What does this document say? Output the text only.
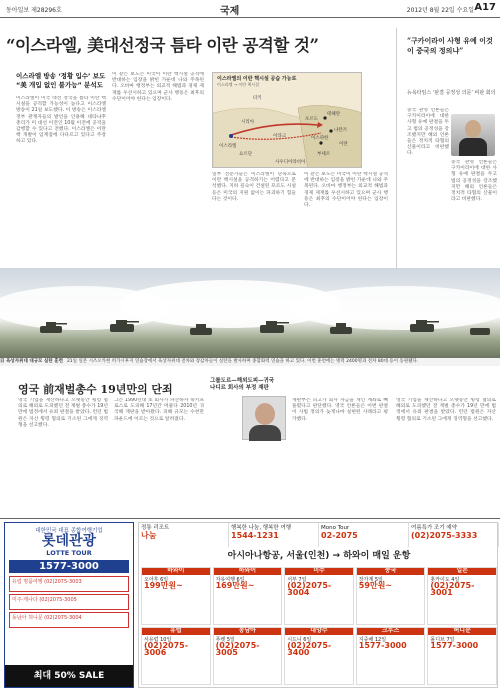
동아일보 제28296호	국제	2012년 8월 22일 수요일 A17
“이스라엘, 美대선정국 틈타 이란 공격할 것”
이스라엘 방송 ‘정황 입수’ 보도
“美 개입 없인 불가능” 분석도
이스라엘이 미국 대선 정국을 틈타 이란 핵시설을 공격할 가능성이 높다고 이스라엘 방송이 21일 보도했다. 이 방송은 이스라엘 정부 관계자들의 발언을 인용해 네타냐후 총리가 미 대선 이전인 10월 이전에 공격을 감행할 수 있다고 전했다. 이스라엘은 이란 핵 개발이 임계점에 다다르고 있다고 주장하고 있다.
이 같은 보도는 미국이 이란 핵시설 공격에 반대하는 입장을 밝힌 가운데 나와 주목된다. 오바마 행정부는 외교적 해법과 경제 제재를 우선시하고 있으며 군사 행동은 최후의 수단이어야 한다는 입장이다.
일부 전문가들은 이스라엘이 단독으로 이란 핵시설을 공격하기는 어렵다고 분석했다. 지하 깊숙이 건설된 포르도 시설 등은 미국의 지원 없이는 파괴하기 힘들다는 것이다.
이 같은 보도는 미국이 이란 핵시설 공격에 반대하는 입장을 밝힌 가운데 나와 주목된다. 오바마 행정부는 외교적 해법과 경제 제재를 우선시하고 있으며 군사 행동은 최후의 수단이어야 한다는 입장이다.
이스라엘의 이란 핵시설 공습 가능로
이스라엘 → 이란 핵시설
터키
이라크
시리아
이스라엘
요르단
이란
사우디아라비아
테헤란
나탄즈
포르도
이스파한
부셰르
“구카이라이 사형 유예 이것이 중국의 정의냐”
뉴욕타임스 ‘판결 공정성 의문’ 비판 회의
중국 관영 언론들은 구카이라이에 대한 사형 유예 판결을 두고 법의 공정성을 강조했지만 해외 언론들은 정치적 타협의 산물이라고 비판했다.
중국 관영 언론들은 구카이라이에 대한 사형 유예 판결을 두고 법의 공정성을 강조했지만 해외 언론들은 정치적 타협의 산물이라고 비판했다.
日 육상자위대 대규모 실탄 훈련 21일 일본 시즈오카현 히가시후지 연습장에서 육상자위대 전차와 장갑차들이 실탄을 발사하며 종합화력 연습을 하고 있다. 이번 훈련에는 병력 2400명과 전차 80대 등이 동원됐다.
영국 前재벌총수 19년만의 단죄
그룹도르—해외도피—귀국
나디르 회사의 부정 재판
영국 기업을 재산하다고 오랫동안 횡령 혐의로 해외로 도피했던 전 재벌 총수가 19년 만에 법정에서 유죄 판결을 받았다. 런던 법원은 자산 횡령 혐의로 기소된 그에게 징역형을 선고했다.
그는 1990년대 초 회사가 파산하자 북키프로스로 도피해 17년간 머물다 2010년 귀국해 재판을 받아왔다. 피해 규모는 수천만 파운드에 이르는 것으로 알려졌다.
재판부는 피고가 회사 자금을 개인 계좌로 빼돌렸다고 판단했다. 영국 언론들은 이번 판결이 사법 정의가 늦게나마 실현된 사례라고 평가했다.
영국 기업을 재산하다고 오랫동안 횡령 혐의로 해외로 도피했던 전 재벌 총수가 19년 만에 법정에서 유죄 판결을 받았다. 런던 법원은 자산 횡령 혐의로 기소된 그에게 징역형을 선고했다.
대한민국 대표 종합여행기업
롯데관광
LOTTE TOUR
1577-3000
유럽 명품여행 (02)2075-3003
미주·캐나다 (02)2075-3005
동남아 허니문 (02)2075-3004
최대 50% SALE
정통 리조트
나눔
행복한 나눔, 행복한 여행
1544-1231
Mono Tour
02-2075
여름특가 조기 예약
(02)2075-3333
아시아나항공, 서울(인천) → 하와이 매일 운항
하와이
오아후 6일
199만원~
하와이
자유여행 6일
169만원~
미주
서부 7일
(02)2075-3004
중국
장가계 5일
59만원~
일본
홋카이도 4일
(02)2075-3001
유럽
서유럽 10일
(02)2075-3006
동남아
푸켓 5일
(02)2075-3005
대양주
시드니 6일
(02)2075-3400
크루즈
지중해 12일
1577-3000
허니문
몰디브 7일
1577-3000
